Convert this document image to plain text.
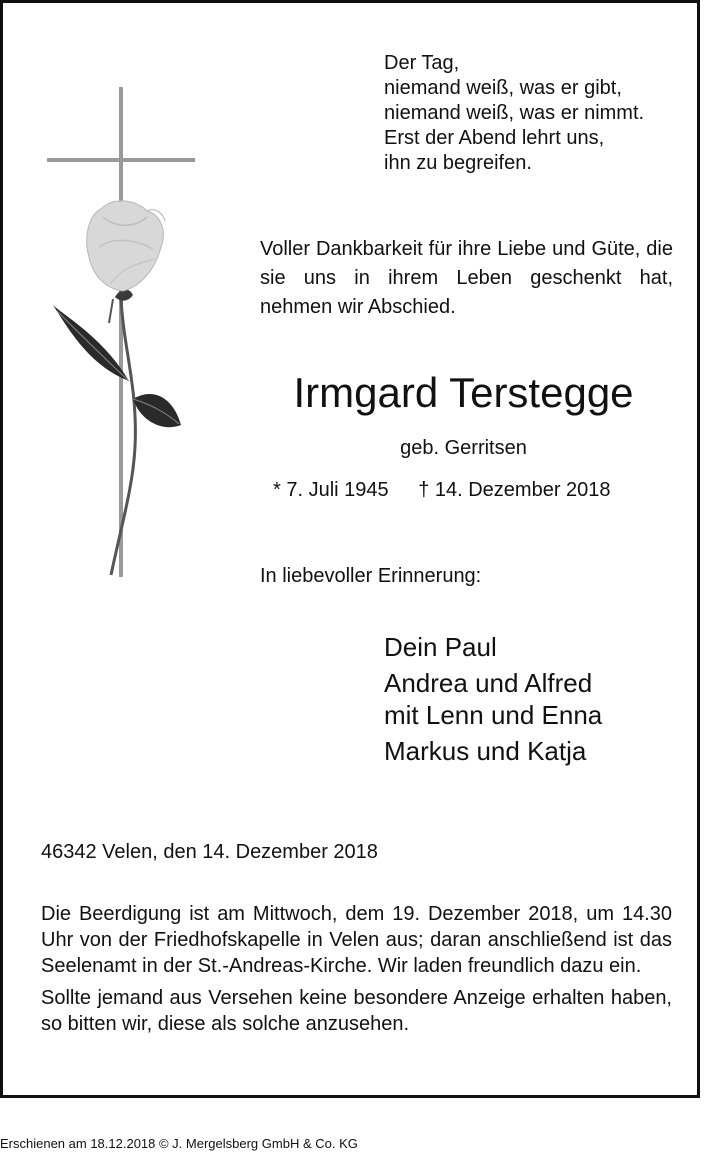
Der Tag,
niemand weiß, was er gibt,
niemand weiß, was er nimmt.
Erst der Abend lehrt uns,
ihn zu begreifen.
Voller Dankbarkeit für ihre Liebe und Güte, die sie uns in ihrem Leben geschenkt hat, nehmen wir Abschied.
Irmgard Terstegge
geb. Gerritsen
* 7. Juli 1945 † 14. Dezember 2018
In liebevoller Erinnerung:
Dein Paul
Andrea und Alfred
mit Lenn und Enna
Markus und Katja
46342 Velen, den 14. Dezember 2018

Die Beerdigung ist am Mittwoch, dem 19. Dezember 2018, um 14.30 Uhr von der Friedhofskapelle in Velen aus; daran anschließend ist das Seelenamt in der St.-Andreas-Kirche. Wir laden freundlich dazu ein.

Sollte jemand aus Versehen keine besondere Anzeige erhalten haben, so bitten wir, diese als solche anzusehen.

Erschienen am 18.12.2018 © J. Mergelsberg GmbH & Co. KG
